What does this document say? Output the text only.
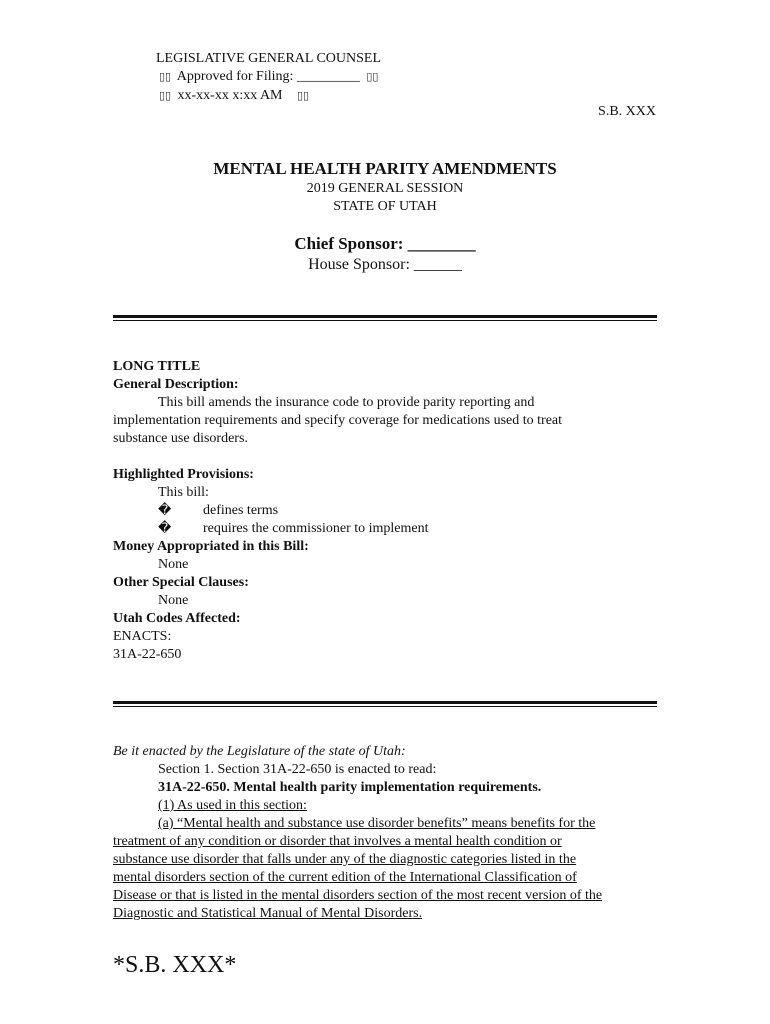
LEGISLATIVE GENERAL COUNSEL
▯▯ Approved for Filing: _________ ▯▯
▯▯ xx-xx-xx x:xx AM ▯▯
S.B. XXX
MENTAL HEALTH PARITY AMENDMENTS
2019 GENERAL SESSION
STATE OF UTAH
Chief Sponsor: ________
House Sponsor: ______
LONG TITLE
General Description:
This bill amends the insurance code to provide parity reporting and
implementation requirements and specify coverage for medications used to treat
substance use disorders.
Highlighted Provisions:
This bill:
�	defines terms
�	requires the commissioner to implement
Money Appropriated in this Bill:
None
Other Special Clauses:
None
Utah Codes Affected:
ENACTS:
31A-22-650
Be it enacted by the Legislature of the state of Utah:
Section 1. Section 31A-22-650 is enacted to read:
31A-22-650. Mental health parity implementation requirements.
(1) As used in this section:
(a) “Mental health and substance use disorder benefits” means benefits for the
treatment of any condition or disorder that involves a mental health condition or
substance use disorder that falls under any of the diagnostic categories listed in the
mental disorders section of the current edition of the International Classification of
Disease or that is listed in the mental disorders section of the most recent version of the
Diagnostic and Statistical Manual of Mental Disorders.
*S.B. XXX*
